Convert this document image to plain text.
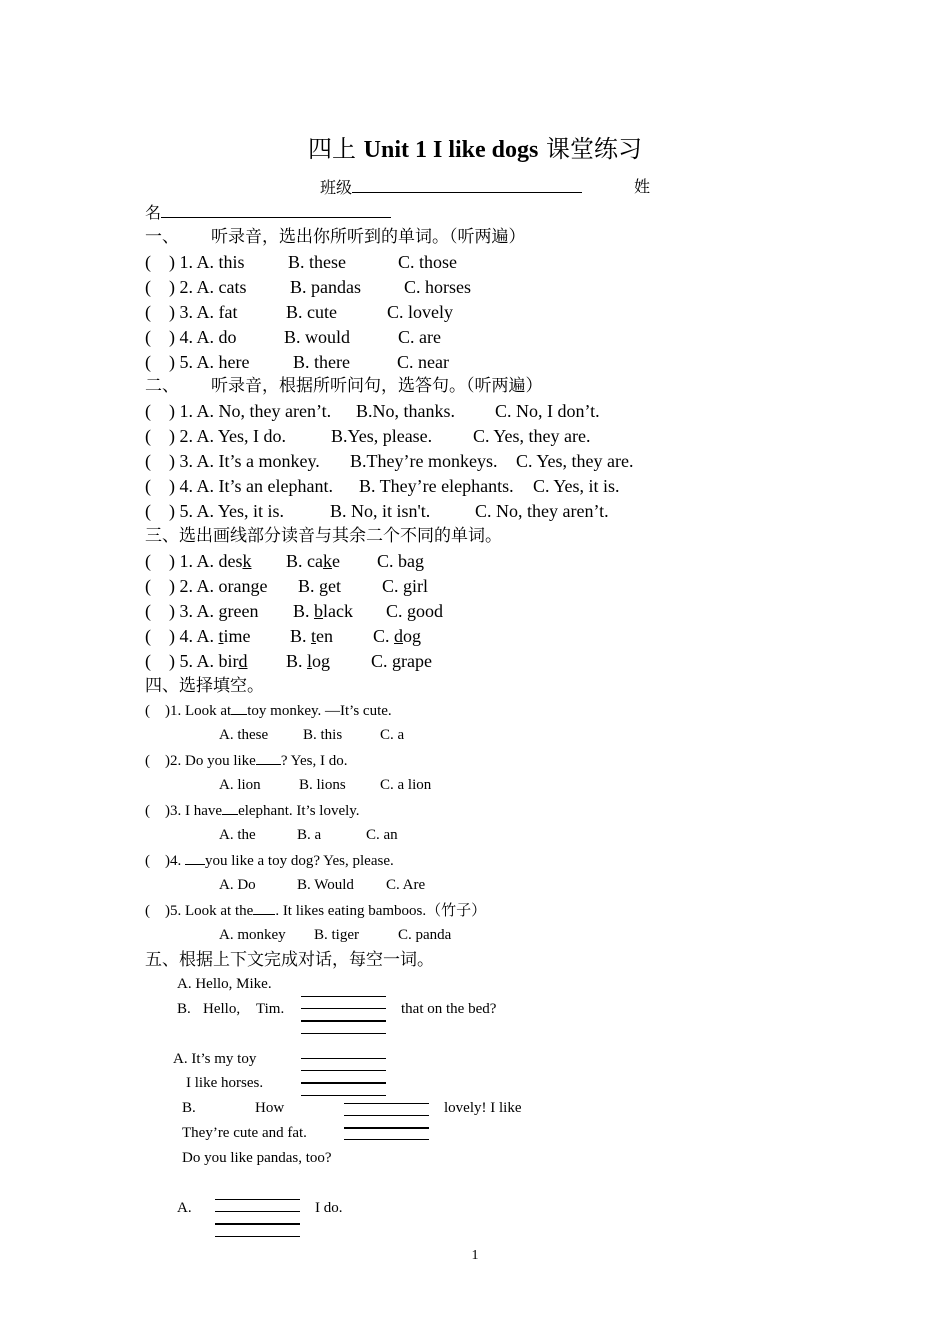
四上 Unit 1 I like dogs 课堂练习
班级	姓
名
一、 听录音，选出你所听到的单词。（听两遍）
(    ) 1. A. this B. these	C. those
(    ) 2. A. cats B. pandas C. horses
(    ) 3. A. fat	B. cute	C. lovely
(    ) 4. A. do	B. would	C. are
(    ) 5. A. here B. there	C. near
二、 听录音，根据所听问句，选答句。（听两遍）
(    ) 1. A. No, they aren’t. B.No, thanks. C. No, I don’t.
(    ) 2. A. Yes, I do. B.Yes, please. C. Yes, they are.
(    ) 3. A. It’s a monkey. B.They’re monkeys. C. Yes, they are.
(    ) 4. A. It’s an elephant. B. They’re elephants. C. Yes, it is.
(    ) 5. A. Yes, it is.	B. No, it isn't. C. No, they aren’t.
三、选出画线部分读音与其余二个不同的单词。
(    ) 1. A. desk B. cake C. bag
(    ) 2. A. orange B. get C. girl
(    ) 3. A. green B. black C. good
(    ) 4. A. time B. ten C. dog
(    ) 5. A. bird B. log C. grape
四、选择填空。
(    )1. Look at toy monkey. —It’s cute.
A. these B. this	C. a
(    )2. Do you like ? Yes, I do.
A. lion	B. lions C. a lion
(    )3. I have elephant. It’s lovely.
A. the	B. a	C. an
(    )4. you like a toy dog? Yes, please.
A. Do	B. Would C. Are
(    )5. Look at the . It likes eating bamboos.（竹子）
A. monkey B. tiger	C. panda
五、根据上下文完成对话，每空一词。
A. Hello, Mike.
B. Hello, Tim.	that on the bed?
A. It’s my toy
I like horses.
B.	How	lovely! I like
They’re cute and fat.
Do you like pandas, too?
A.	I do.
1
